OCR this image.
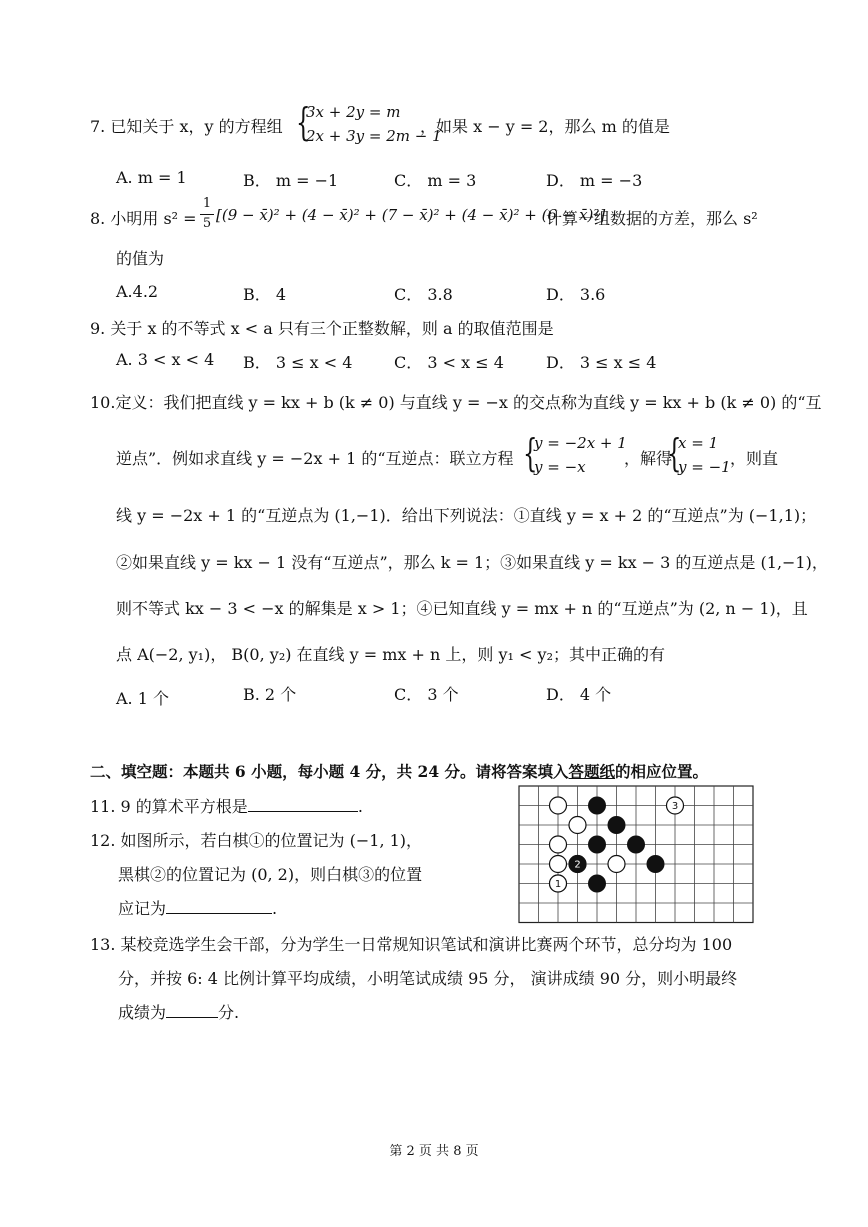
7. 已知关于 x，y 的方程组 {
3x + 2y = m
2x + 3y = 2m − 1
，如果 x − y = 2，那么 m 的值是
A. m = 1	B． m = −1	C． m = 3	D． m = −3
8. 小明用 s² =
1
5 [(9 − x̄)² + (4 − x̄)² + (7 − x̄)² + (4 − x̄)² + (6 − x̄)²]
计算一组数据的方差，那么 s²
的值为
A.4.2	B． 4	C． 3.8	D． 3.6
9. 关于 x 的不等式 x < a 只有三个正整数解，则 a 的取值范围是
A. 3 < x < 4 B． 3 ≤ x < 4	C． 3 < x ≤ 4	D． 3 ≤ x ≤ 4
10.定义：我们把直线 y = kx + b (k ≠ 0) 与直线 y = −x 的交点称为直线 y = kx + b (k ≠ 0) 的“互
逆点”．例如求直线 y = −2x + 1 的“互逆点：联立方程 {
y = −2x + 1
y = −x ，解得
{
x = 1
y = −1 ，则直
线 y = −2x + 1 的“互逆点为 (1,−1)．给出下列说法：①直线 y = x + 2 的“互逆点”为 (−1,1)；
②如果直线 y = kx − 1 没有“互逆点”，那么 k = 1；③如果直线 y = kx − 3 的互逆点是 (1,−1)，
则不等式 kx − 3 < −x 的解集是 x > 1；④已知直线 y = mx + n 的“互逆点”为 (2, n − 1)，且
点 A(−2, y₁)， B(0, y₂) 在直线 y = mx + n 上，则 y₁ < y₂；其中正确的有
A. 1 个	B. 2 个	C． 3 个	D． 4 个
二、填空题：本题共 6 小题，每小题 4 分，共 24 分。请将答案填入答题纸的相应位置。
11. 9 的算术平方根是	.
12. 如图所示，若白棋①的位置记为 (−1, 1)，
黑棋②的位置记为 (0, 2)，则白棋③的位置
应记为	.
1
2
3
13. 某校竞选学生会干部，分为学生一日常规知识笔试和演讲比赛两个环节，总分均为 100
分，并按 6: 4 比例计算平均成绩，小明笔试成绩 95 分， 演讲成绩 90 分，则小明最终
成绩为	分.
第 2 页 共 8 页
